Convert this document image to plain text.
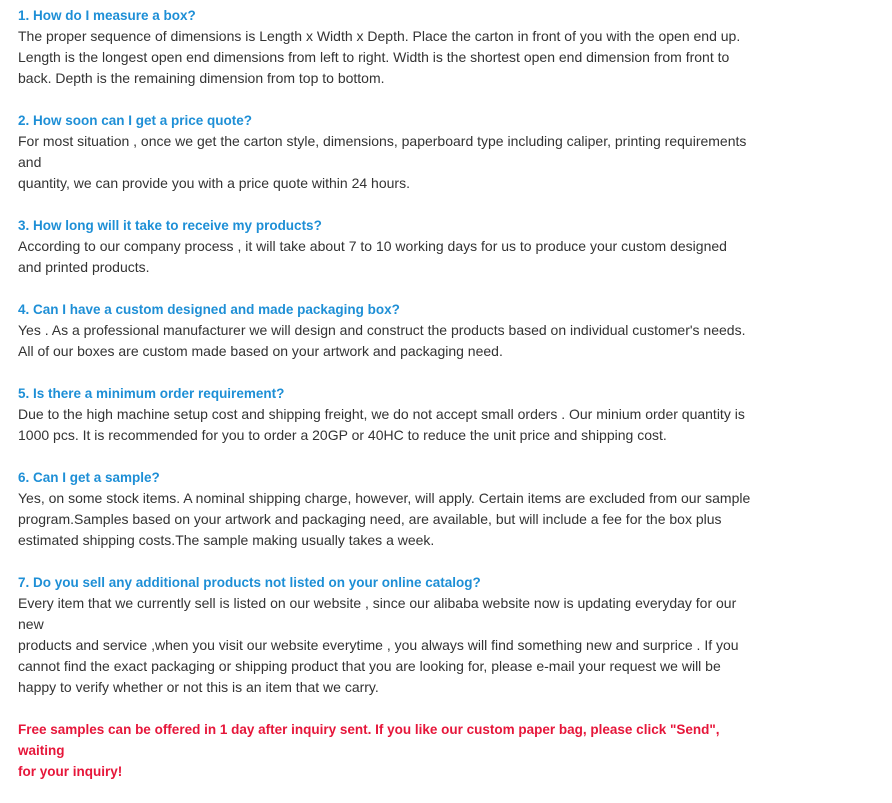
1. How do I measure a box?

The proper sequence of dimensions is Length x Width x Depth. Place the carton in front of you with the open end up.

Length is the longest open end dimensions from left to right. Width is the shortest open end dimension from front to

back. Depth is the remaining dimension from top to bottom.

2. How soon can I get a price quote?

For most situation , once we get the carton style, dimensions, paperboard type including caliper, printing requirements

and

quantity, we can provide you with a price quote within 24 hours.

3. How long will it take to receive my products?

According to our company process , it will take about 7 to 10 working days for us to produce your custom designed

and printed products.

4. Can I have a custom designed and made packaging box?

Yes . As a professional manufacturer we will design and construct the products based on individual customer's needs.

All of our boxes are custom made based on your artwork and packaging need.

5. Is there a minimum order requirement?

Due to the high machine setup cost and shipping freight, we do not accept small orders . Our minium order quantity is

1000 pcs. It is recommended for you to order a 20GP or 40HC to reduce the unit price and shipping cost.

6. Can I get a sample?

Yes, on some stock items. A nominal shipping charge, however, will apply. Certain items are excluded from our sample

program.Samples based on your artwork and packaging need, are available, but will include a fee for the box plus

estimated shipping costs.The sample making usually takes a week.

7. Do you sell any additional products not listed on your online catalog?

Every item that we currently sell is listed on our website , since our alibaba website now is updating everyday for our

new

products and service ,when you visit our website everytime , you always will find something new and surprice . If you

cannot find the exact packaging or shipping product that you are looking for, please e-mail your request we will be

happy to verify whether or not this is an item that we carry.

Free samples can be offered in 1 day after inquiry sent. If you like our custom paper bag, please click "Send", waiting

for your inquiry!
